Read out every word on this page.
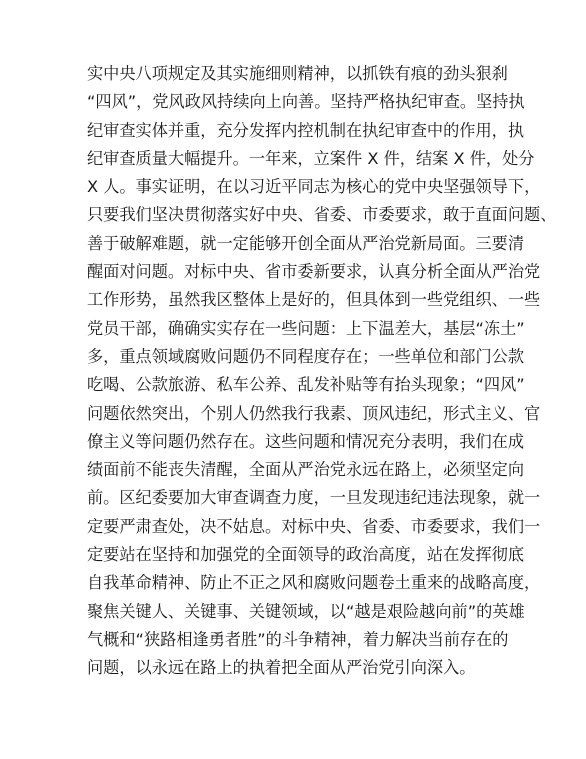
实中央八项规定及其实施细则精神，以抓铁有痕的劲头狠刹
“四风”，党风政风持续向上向善。坚持严格执纪审查。坚持执
纪审查实体并重，充分发挥内控机制在执纪审查中的作用，执
纪审查质量大幅提升。一年来，立案件 X 件，结案 X 件，处分
X 人。事实证明，在以习近平同志为核心的党中央坚强领导下，
只要我们坚决贯彻落实好中央、省委、市委要求，敢于直面问题、
善于破解难题，就一定能够开创全面从严治党新局面。三要清
醒面对问题。对标中央、省市委新要求，认真分析全面从严治党
工作形势，虽然我区整体上是好的，但具体到一些党组织、一些
党员干部，确确实实存在一些问题：上下温差大，基层“冻土”
多，重点领域腐败问题仍不同程度存在；一些单位和部门公款
吃喝、公款旅游、私车公养、乱发补贴等有抬头现象；“四风”
问题依然突出，个别人仍然我行我素、顶风违纪，形式主义、官
僚主义等问题仍然存在。这些问题和情况充分表明，我们在成
绩面前不能丧失清醒，全面从严治党永远在路上，必须坚定向
前。区纪委要加大审查调查力度，一旦发现违纪违法现象，就一
定要严肃查处，决不姑息。对标中央、省委、市委要求，我们一
定要站在坚持和加强党的全面领导的政治高度，站在发挥彻底
自我革命精神、防止不正之风和腐败问题卷土重来的战略高度，
聚焦关键人、关键事、关键领域，以“越是艰险越向前”的英雄
气概和“狭路相逢勇者胜”的斗争精神，着力解决当前存在的
问题，以永远在路上的执着把全面从严治党引向深入。
